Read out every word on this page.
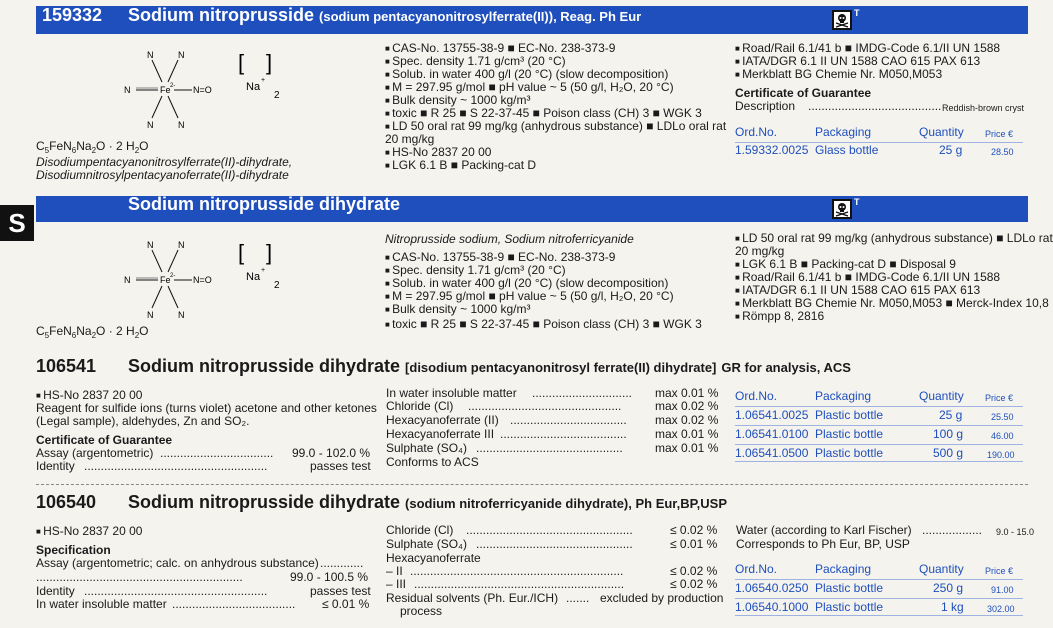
159332 Sodium nitroprusside (sodium pentacyanonitrosylferrate(II)), Reag. Ph Eur	T
Fe 2- N=O
N
N	N
N	N
[
Na
+
]
2
$C_5FeN_6Na_2O \cdot 2$ $H_2O$
Disodiumpentacyanonitrosylferrate(II)-dihydrate,
Disodiumnitrosylpentacyanoferrate(II)-dihydrate
■ CAS-No. 13755-38-9 ■ EC-No. 238-373-9
■ Spec. density 1.71 g/cm³ (20 °C)
■ Solub. in water 400 g/l (20 °C) (slow decomposition)
■ M = 297.95 g/mol ■ pH value ~ 5 (50 g/l, H₂O, 20 °C)
■ Bulk density ~ 1000 kg/m³
■ toxic ■ R 25 ■ S 22-37-45 ■ Poison class (CH) 3 ■ WGK 3
■ LD 50 oral rat 99 mg/kg (anhydrous substance) ■ LDLo oral rat
20 mg/kg
■ HS-No 2837 20 00
■ LGK 6.1 B ■ Packing-cat D
■ Road/Rail 6.1/41 b ■ IMDG-Code 6.1/II UN 1588
■ IATA/DGR 6.1 II UN 1588 CAO 615 PAX 613
■ Merkblatt BG Chemie Nr. M050,M053
Certificate of Guarantee
Description ........................................ Reddish-brown cryst
Ord.No.	Packaging	Quantity Price €
1.59332.0025 Glass bottle	25 g	28.50
S
Sodium nitroprusside dihydrate	T
Fe 2- N=O
N
N	N
N	N
[
Na
+
]
2
$C_5FeN_6Na_2O \cdot 2$ $H_2O$
Nitroprusside sodium, Sodium nitroferricyanide
■ CAS-No. 13755-38-9 ■ EC-No. 238-373-9
■ Spec. density 1.71 g/cm³ (20 °C)
■ Solub. in water 400 g/l (20 °C) (slow decomposition)
■ M = 297.95 g/mol ■ pH value ~ 5 (50 g/l, H₂O, 20 °C)
■ Bulk density ~ 1000 kg/m³
■ toxic ■ R 25 ■ S 22-37-45 ■ Poison class (CH) 3 ■ WGK 3
■ LD 50 oral rat 99 mg/kg (anhydrous substance) ■ LDLo rat
20 mg/kg
■ LGK 6.1 B ■ Packing-cat D ■ Disposal 9
■ Road/Rail 6.1/41 b ■ IMDG-Code 6.1/II UN 1588
■ IATA/DGR 6.1 II UN 1588 CAO 615 PAX 613
■ Merkblatt BG Chemie Nr. M050,M053 ■ Merck-Index 10,8
■ Römpp 8, 2816
106541 Sodium nitroprusside dihydrate [disodium pentacyanonitrosyl ferrate(II) dihydrate] GR for analysis, ACS
■ HS-No 2837 20 00
Reagent for sulfide ions (turns violet) acetone and other ketones
(Legal sample), aldehydes, Zn and SO₂.
Certificate of Guarantee
Assay (argentometric) ..................................	99.0 - 102.0 %
Identity .......................................................	passes test
In water insoluble matter ..............................	max 0.01 %
Chloride (Cl) ..............................................	max 0.02 %
Hexacyanoferrate (II) ...................................	max 0.02 %
Hexacyanoferrate III ......................................	max 0.01 %
Sulphate (SO₄) ............................................	max 0.01 %
Conforms to ACS
Ord.No.	Packaging	Quantity Price €
1.06541.0025 Plastic bottle	25 g	25.50
1.06541.0100 Plastic bottle	100 g	46.00
1.06541.0500 Plastic bottle	500 g	190.00
106540 Sodium nitroprusside dihydrate (sodium nitroferricyanide dihydrate), Ph Eur,BP,USP
■ HS-No 2837 20 00
Specification
Assay (argentometric; calc. on anhydrous substance) .............
..............................................................	99.0 - 100.5 %
Identity .......................................................	passes test
In water insoluble matter .....................................	≤ 0.01 %
Chloride (Cl) ..................................................	≤ 0.02 %
Sulphate (SO₄) ...............................................	≤ 0.01 %
Hexacyanoferrate
– II ................................................................	≤ 0.02 %
– III ...............................................................	≤ 0.02 %
Residual solvents (Ph. Eur./ICH) ....... excluded by production
process
Water (according to Karl Fischer) ..................	9.0 - 15.0
Corresponds to Ph Eur, BP, USP
Ord.No.	Packaging	Quantity Price €
1.06540.0250 Plastic bottle	250 g	91.00
1.06540.1000 Plastic bottle	1 kg	302.00
